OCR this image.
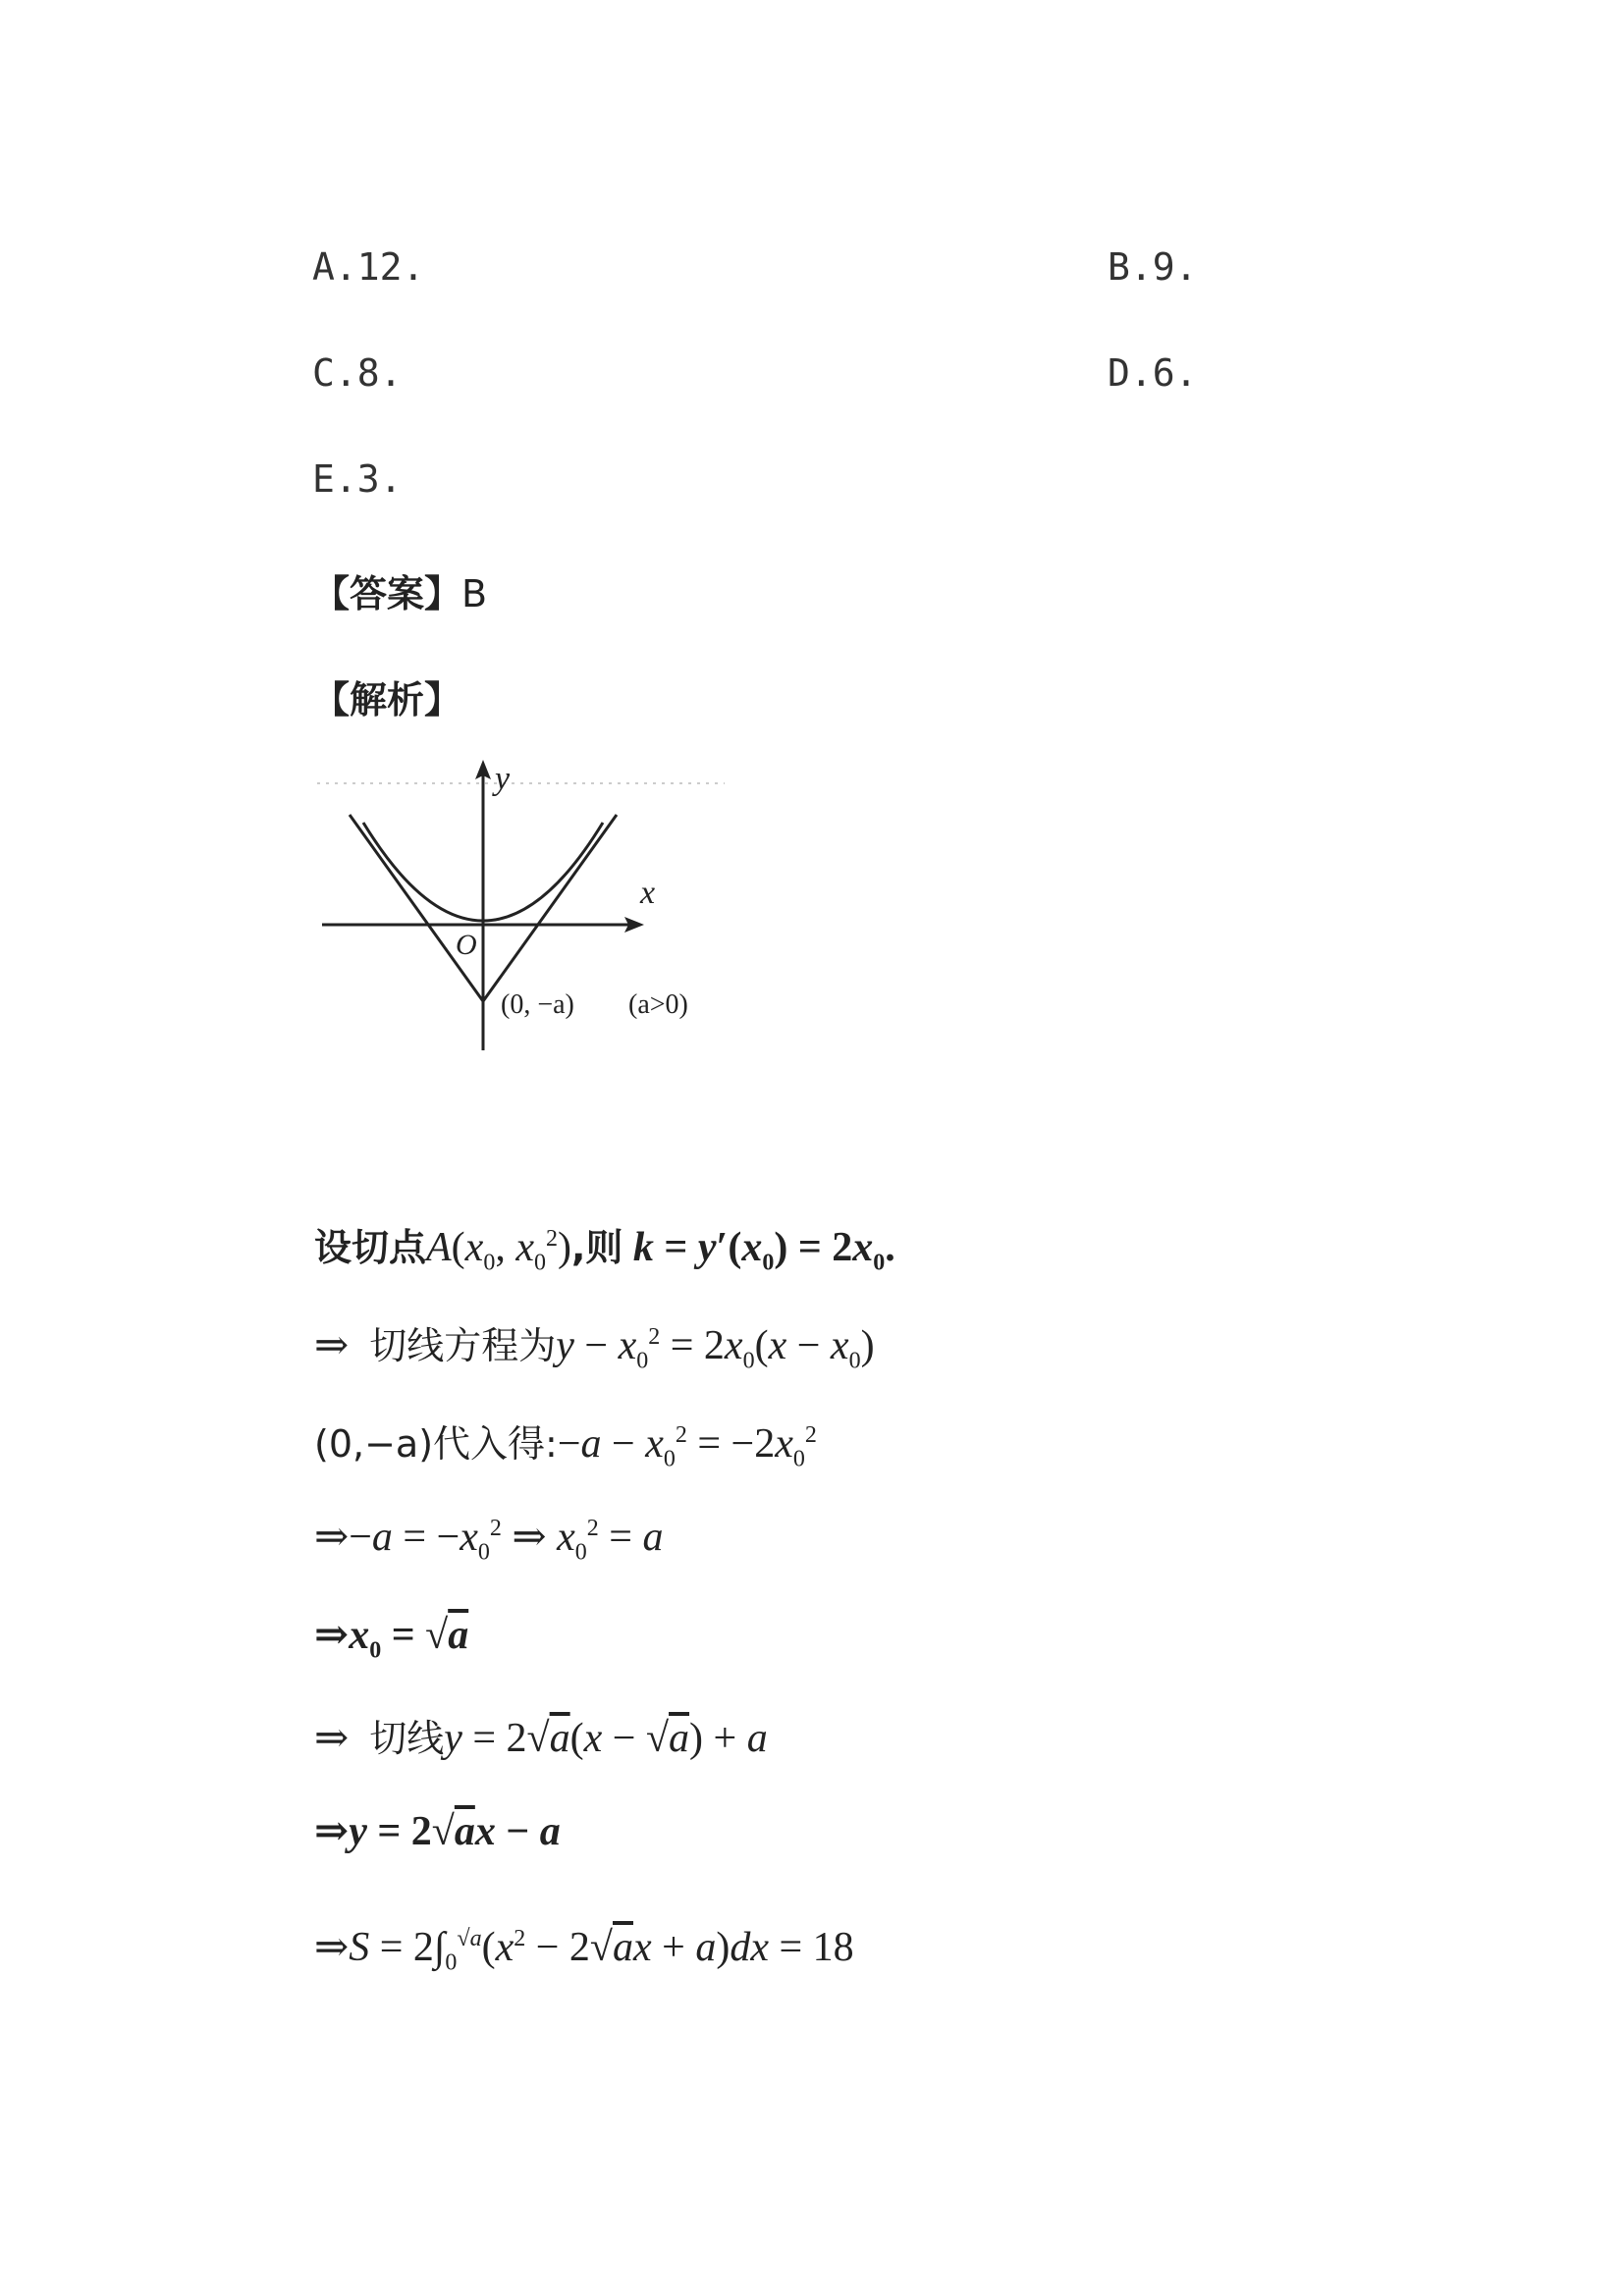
A.12.	B.9.
C.8.	D.6.
E.3.
【答案】B
【解析】
y
x
O
(0, −a) (a>0)
设切点$A(x_0$, $x_0^2$),则 $k = y'(x_0) = 2x_0$.
⇒ 切线方程为$y - x_0^2 = 2x_0(x - x_0)$
(0,−a)代入得:−a − $x_0^2 = -2x_0^2$
⇒−a = $-x_0^2$ ⇒ $x_0^2 = a$
$\Rightarrow x_0 = √a$
⇒  切线y = 2√a(x − √a) + a
⇒y = 2√ax − a
⇒S = $2\int_0^{√a}(x^2 - 2√ax + a)dx = 18$
